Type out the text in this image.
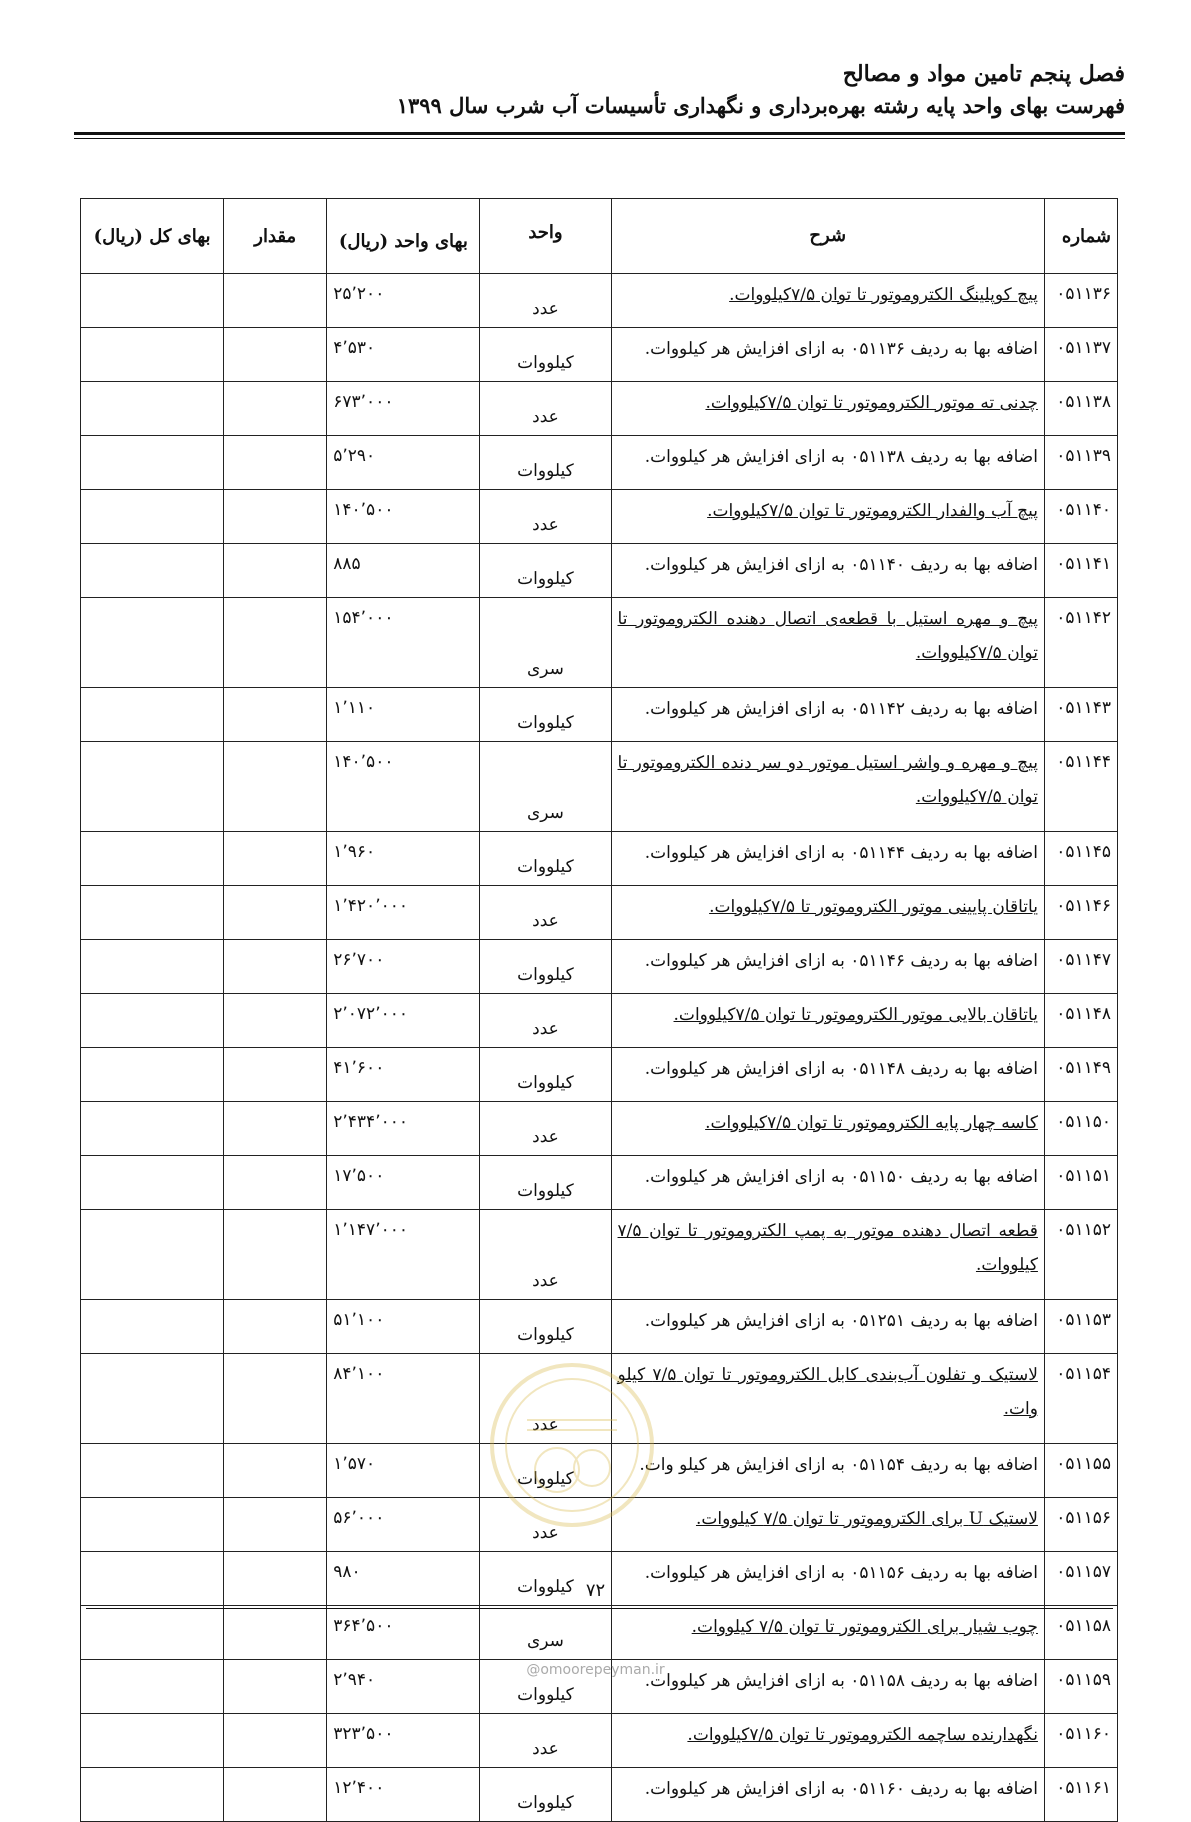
فصل پنجم تامین مواد و مصالح
فهرست بهای واحد پایه رشته بهره‌برداری و نگهداری تأسیسات آب شرب سال ۱۳۹۹
شماره	شرح	واحد	بهای واحد (ریال)	مقدار	بهای کل (ریال)
۰۵۱۱۳۶	پیچ کوپلینگ الکتروموتور تا توان ۷/۵کیلووات.	عدد	۲۵٬۲۰۰		
۰۵۱۱۳۷	اضافه بها به ردیف ۰۵۱۱۳۶ به ازای افزایش هر کیلووات.	کیلووات	۴٬۵۳۰		
۰۵۱۱۳۸	چدنی ته موتور الکتروموتور تا توان ۷/۵کیلووات.	عدد	۶۷۳٬۰۰۰		
۰۵۱۱۳۹	اضافه بها به ردیف ۰۵۱۱۳۸ به ازای افزایش هر کیلووات.	کیلووات	۵٬۲۹۰		
۰۵۱۱۴۰	پیچ آب والفدار الکتروموتور تا توان ۷/۵کیلووات.	عدد	۱۴۰٬۵۰۰		
۰۵۱۱۴۱	اضافه بها به ردیف ۰۵۱۱۴۰ به ازای افزایش هر کیلووات.	کیلووات	۸۸۵		
۰۵۱۱۴۲	پیچ و مهره استیل با قطعه‌ی اتصال دهنده الکتروموتور تا توان ۷/۵کیلووات.	سری	۱۵۴٬۰۰۰		
۰۵۱۱۴۳	اضافه بها به ردیف ۰۵۱۱۴۲ به ازای افزایش هر کیلووات.	کیلووات	۱٬۱۱۰		
۰۵۱۱۴۴	پیچ و مهره و واشر استیل موتور دو سر دنده الکتروموتور تا توان ۷/۵کیلووات.	سری	۱۴۰٬۵۰۰		
۰۵۱۱۴۵	اضافه بها به ردیف ۰۵۱۱۴۴ به ازای افزایش هر کیلووات.	کیلووات	۱٬۹۶۰		
۰۵۱۱۴۶	یاتاقان پایینی موتور الکتروموتور تا ۷/۵کیلووات.	عدد	۱٬۴۲۰٬۰۰۰		
۰۵۱۱۴۷	اضافه بها به ردیف ۰۵۱۱۴۶ به ازای افزایش هر کیلووات.	کیلووات	۲۶٬۷۰۰		
۰۵۱۱۴۸	یاتاقان بالایی موتور الکتروموتور تا توان ۷/۵کیلووات.	عدد	۲٬۰۷۲٬۰۰۰		
۰۵۱۱۴۹	اضافه بها به ردیف ۰۵۱۱۴۸ به ازای افزایش هر کیلووات.	کیلووات	۴۱٬۶۰۰		
۰۵۱۱۵۰	کاسه چهار پایه الکتروموتور تا توان ۷/۵کیلووات.	عدد	۲٬۴۳۴٬۰۰۰		
۰۵۱۱۵۱	اضافه بها به ردیف ۰۵۱۱۵۰ به ازای افزایش هر کیلووات.	کیلووات	۱۷٬۵۰۰		
۰۵۱۱۵۲	قطعه اتصال دهنده موتور به پمپ الکتروموتور تا توان ۷/۵ کیلووات.	عدد	۱٬۱۴۷٬۰۰۰		
۰۵۱۱۵۳	اضافه بها به ردیف ۰۵۱۲۵۱ به ازای افزایش هر کیلووات.	کیلووات	۵۱٬۱۰۰		
۰۵۱۱۵۴	لاستیک و تفلون آب‌بندی کابل الکتروموتور تا توان ۷/۵ کیلو وات.	عدد	۸۴٬۱۰۰		
۰۵۱۱۵۵	اضافه بها به ردیف ۰۵۱۱۵۴ به ازای افزایش هر کیلو وات.	کیلووات	۱٬۵۷۰		
۰۵۱۱۵۶	لاستیک U برای الکتروموتور تا توان ۷/۵ کیلووات.	عدد	۵۶٬۰۰۰		
۰۵۱۱۵۷	اضافه بها به ردیف ۰۵۱۱۵۶ به ازای افزایش هر کیلووات.	کیلووات	۹۸۰		
۰۵۱۱۵۸	چوب شیار برای الکتروموتور تا توان ۷/۵ کیلووات.	سری	۳۶۴٬۵۰۰		
۰۵۱۱۵۹	اضافه بها به ردیف ۰۵۱۱۵۸ به ازای افزایش هر کیلووات.	کیلووات	۲٬۹۴۰		
۰۵۱۱۶۰	نگهدارنده ساچمه الکتروموتور تا توان ۷/۵کیلووات.	عدد	۳۲۳٬۵۰۰		
۰۵۱۱۶۱	اضافه بها به ردیف ۰۵۱۱۶۰ به ازای افزایش هر کیلووات.	کیلووات	۱۲٬۴۰۰		
۷۲
@omoorepeyman.ir
